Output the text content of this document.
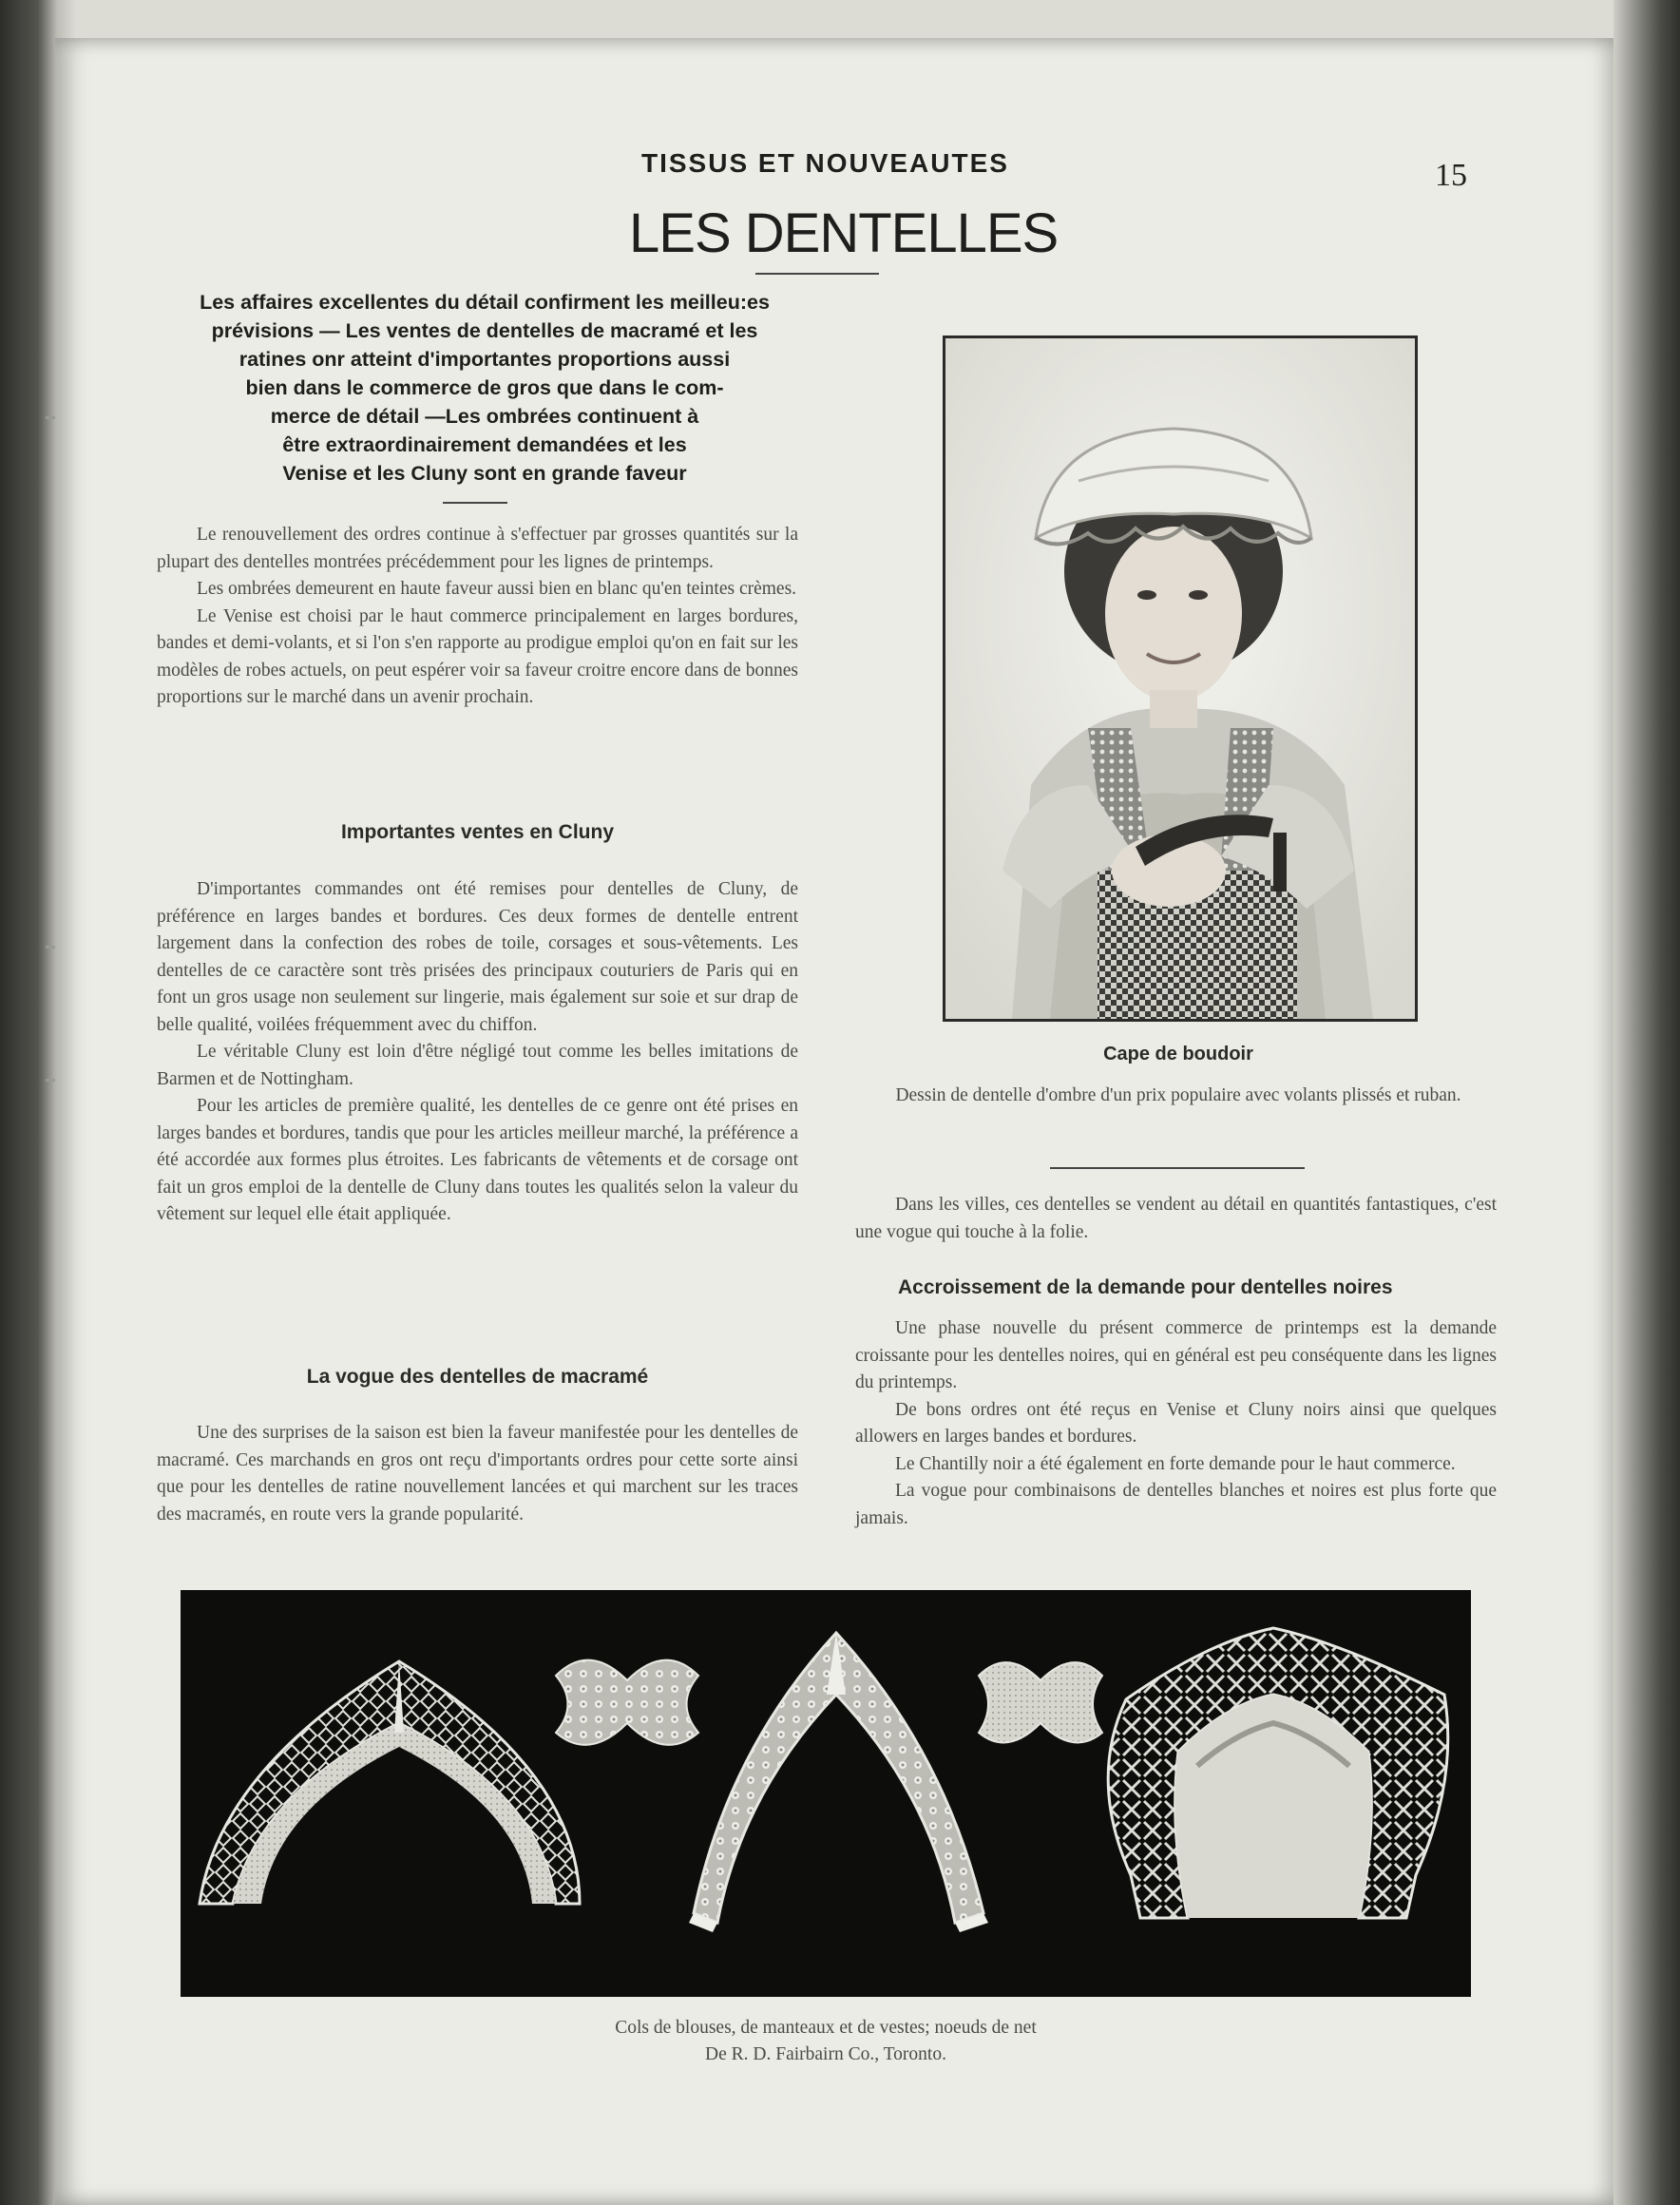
TISSUS ET NOUVEAUTES	15
LES DENTELLES
Les affaires excellentes du détail confirment les meilleu:es
prévisions — Les ventes de dentelles de macramé et les
ratines onr atteint d'importantes proportions aussi
bien dans le commerce de gros que dans le com-
merce de détail —Les ombrées continuent à
être extraordinairement demandées et les
Venise et les Cluny sont en grande faveur

Le renouvellement des ordres continue à s'effectuer par grosses quantités sur la plupart des dentelles montrées précédemment pour les lignes de printemps.

Les ombrées demeurent en haute faveur aussi bien en blanc qu'en teintes crèmes.

Le Venise est choisi par le haut commerce principalement en larges bordures, bandes et demi-volants, et si l'on s'en rapporte au prodigue emploi qu'on en fait sur les modèles de robes actuels, on peut espérer voir sa faveur croitre encore dans de bonnes proportions sur le marché dans un avenir prochain.

Importantes ventes en Cluny

D'importantes commandes ont été remises pour dentelles de Cluny, de préférence en larges bandes et bordures. Ces deux formes de dentelle entrent largement dans la confection des robes de toile, corsages et sous-vêtements. Les dentelles de ce caractère sont très prisées des principaux couturiers de Paris qui en font un gros usage non seulement sur lingerie, mais également sur soie et sur drap de belle qualité, voilées fréquemment avec du chiffon.

Le véritable Cluny est loin d'être négligé tout comme les belles imitations de Barmen et de Nottingham.

Pour les articles de première qualité, les dentelles de ce genre ont été prises en larges bandes et bordures, tandis que pour les articles meilleur marché, la préférence a été accordée aux formes plus étroites. Les fabricants de vêtements et de corsage ont fait un gros emploi de la dentelle de Cluny dans toutes les qualités selon la valeur du vêtement sur lequel elle était appliquée.

La vogue des dentelles de macramé

Une des surprises de la saison est bien la faveur manifestée pour les dentelles de macramé. Ces marchands en gros ont reçu d'importants ordres pour cette sorte ainsi que pour les dentelles de ratine nouvellement lancées et qui marchent sur les traces des macramés, en route vers la grande popularité.

Cape de boudoir
Dessin de dentelle d'ombre d'un prix populaire avec volants plissés et ruban.

Dans les villes, ces dentelles se vendent au détail en quantités fantastiques, c'est une vogue qui touche à la folie.

Accroissement de la demande pour dentelles noires

Une phase nouvelle du présent commerce de printemps est la demande croissante pour les dentelles noires, qui en général est peu conséquente dans les lignes du printemps.

De bons ordres ont été reçus en Venise et Cluny noirs ainsi que quelques allowers en larges bandes et bordures.

Le Chantilly noir a été également en forte demande pour le haut commerce.

La vogue pour combinaisons de dentelles blanches et noires est plus forte que jamais.

Cols de blouses, de manteaux et de vestes; noeuds de net
De R. D. Fairbairn Co., Toronto.
